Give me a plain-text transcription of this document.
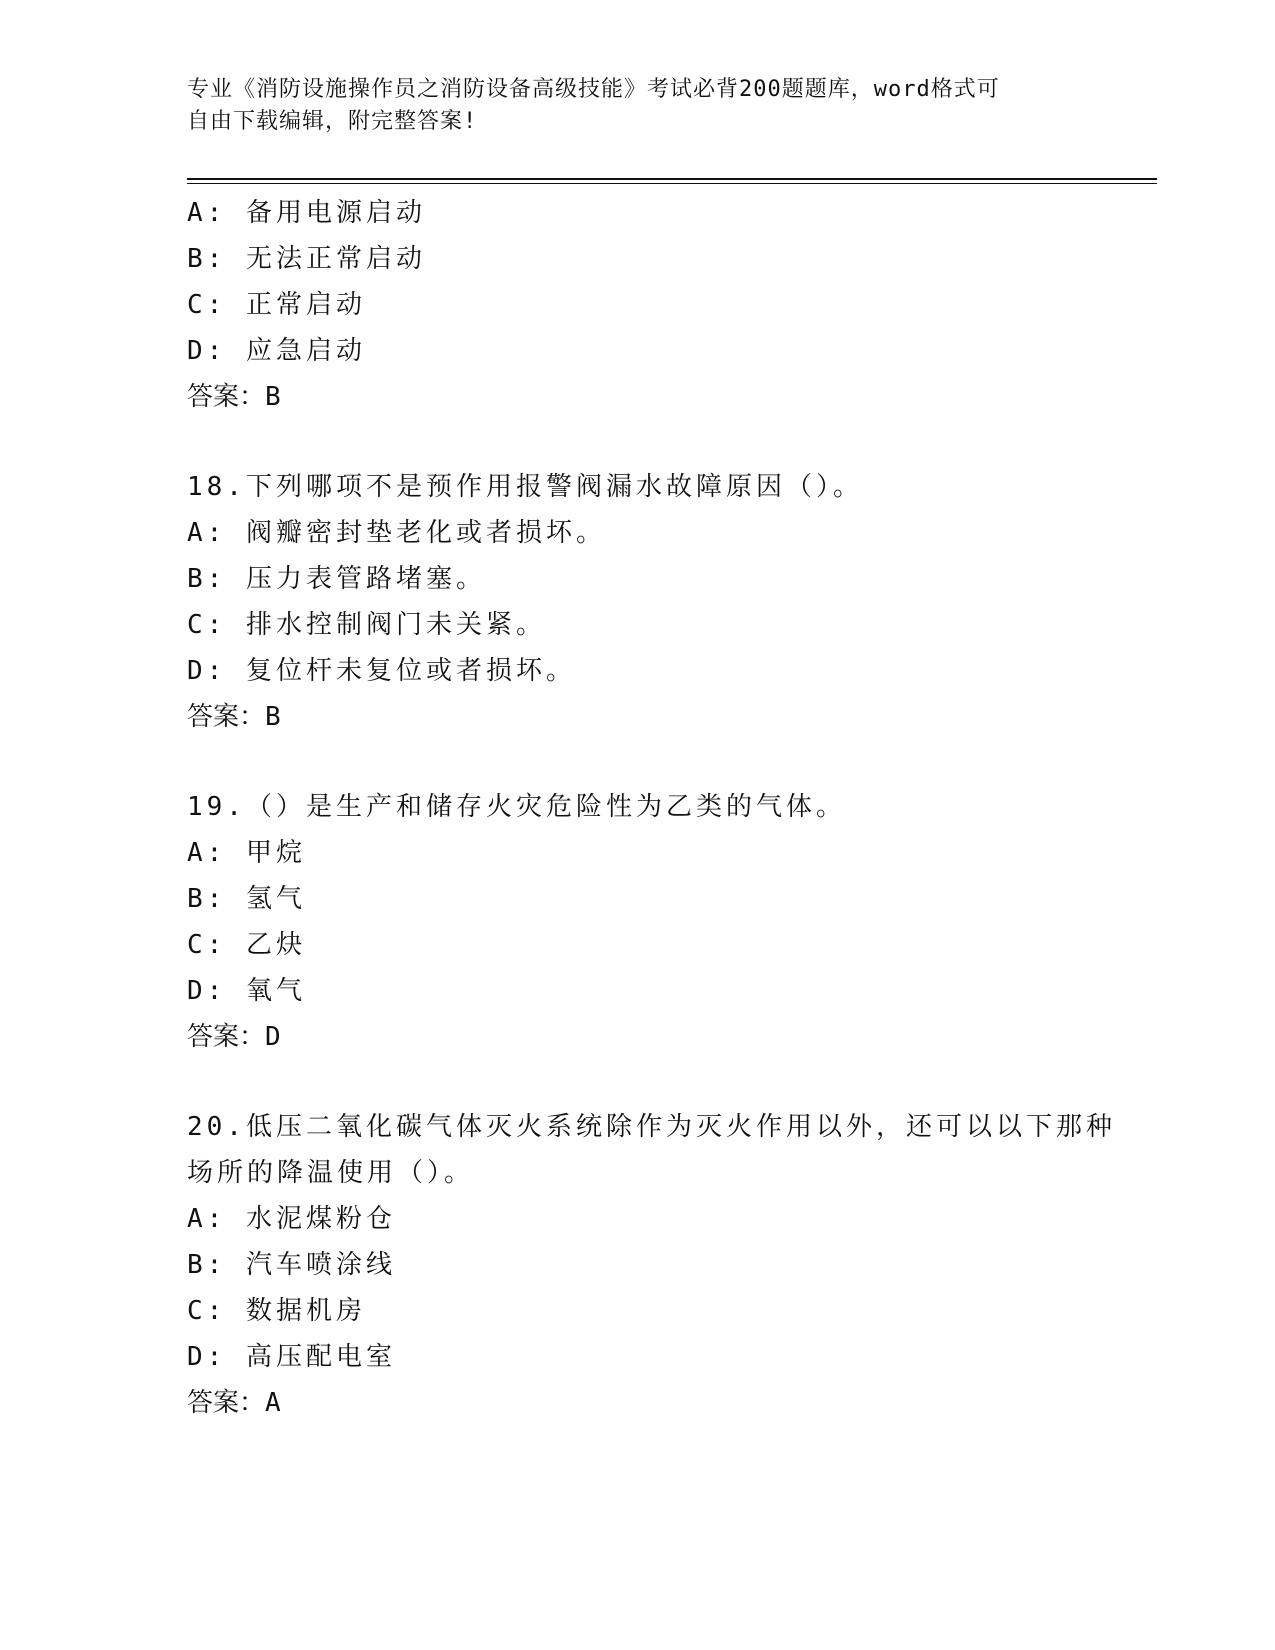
专业《消防设施操作员之消防设备高级技能》考试必背200题题库，word格式可
自由下载编辑，附完整答案!
A: 备用电源启动
B: 无法正常启动
C: 正常启动
D: 应急启动
答案：B
18.下列哪项不是预作用报警阀漏水故障原因（）。
A: 阀瓣密封垫老化或者损坏。
B: 压力表管路堵塞。
C: 排水控制阀门未关紧。
D: 复位杆未复位或者损坏。
答案：B
19.（）是生产和储存火灾危险性为乙类的气体。
A: 甲烷
B: 氢气
C: 乙炔
D: 氧气
答案：D
20.低压二氧化碳气体灭火系统除作为灭火作用以外，还可以以下那种
场所的降温使用（）。
A: 水泥煤粉仓
B: 汽车喷涂线
C: 数据机房
D: 高压配电室
答案：A
